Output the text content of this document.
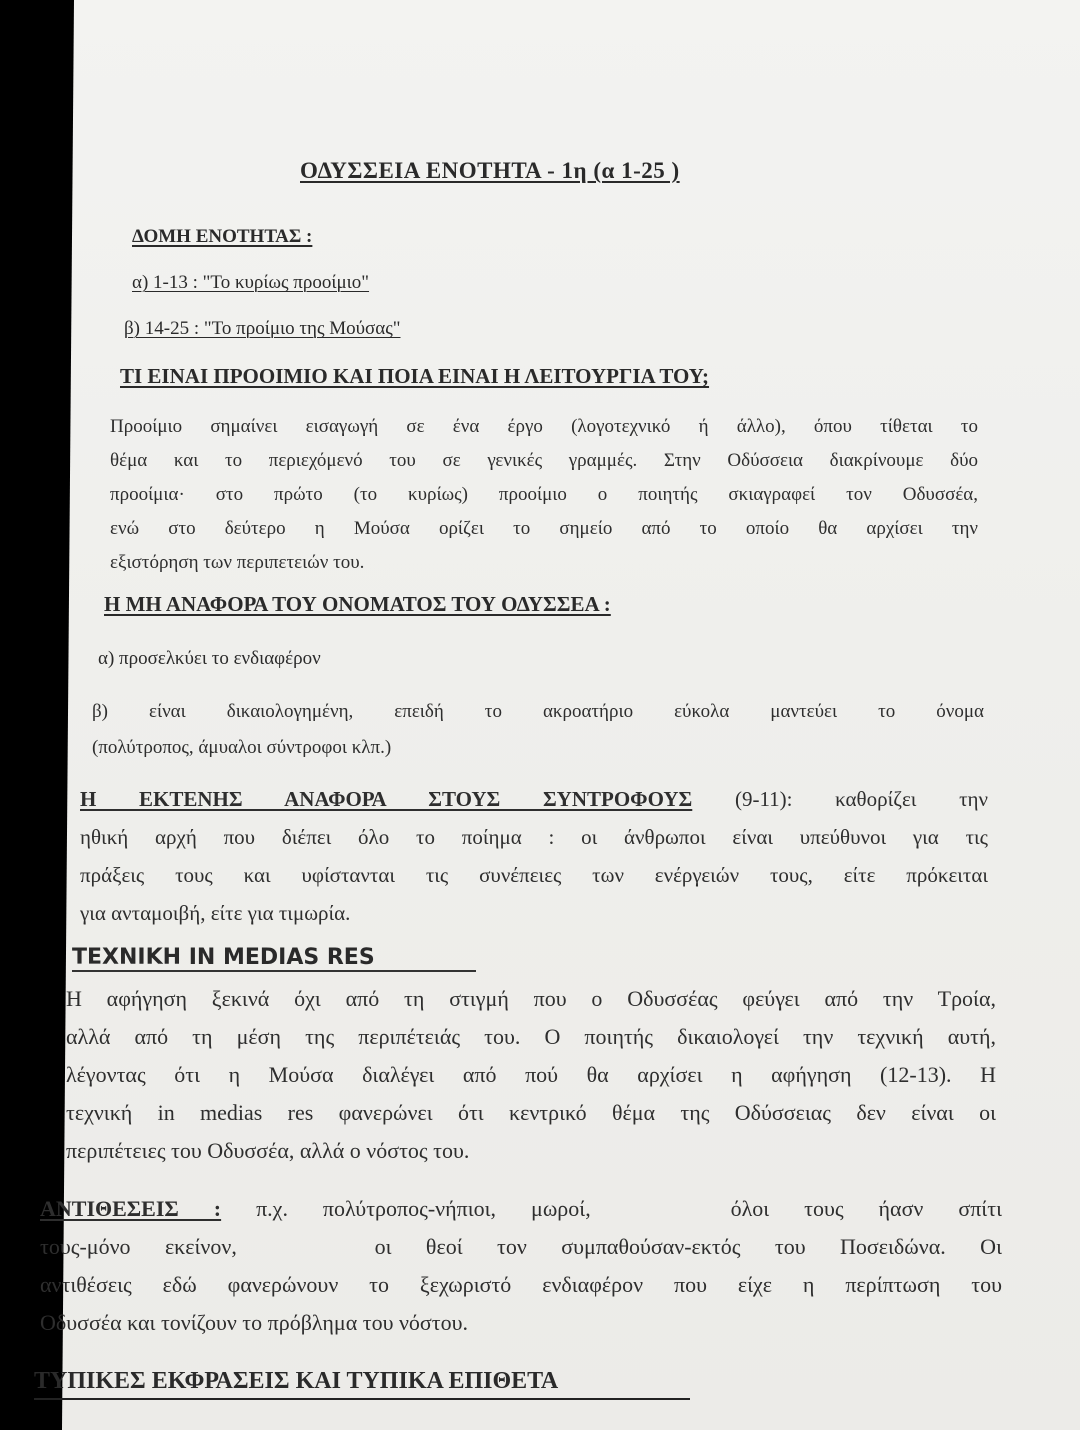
ΟΔΥΣΣΕΙΑ ΕΝΟΤΗΤΑ - 1η (α 1-25 )

ΔΟΜΗ ΕΝΟΤΗΤΑΣ :

α) 1-13 : "Το κυρίως προοίμιο"

β) 14-25 : "Το προίμιο της Μούσας"

ΤΙ ΕΙΝΑΙ ΠΡΟΟΙΜΙΟ ΚΑΙ ΠΟΙΑ ΕΙΝΑΙ Η ΛΕΙΤΟΥΡΓΙΑ ΤΟΥ;

Προοίμιο σημαίνει εισαγωγή σε ένα έργο (λογοτεχνικό ή άλλο), όπου τίθεται το
θέμα και το περιεχόμενό του σε γενικές γραμμές. Στην Οδύσσεια διακρίνουμε δύο
προοίμια· στο πρώτο (το κυρίως) προοίμιο ο ποιητής σκιαγραφεί τον Οδυσσέα,
ενώ στο δεύτερο η Μούσα ορίζει το σημείο από το οποίο θα αρχίσει την
εξιστόρηση των περιπετειών του.

Η ΜΗ ΑΝΑΦΟΡΑ ΤΟΥ ΟΝΟΜΑΤΟΣ ΤΟΥ ΟΔΥΣΣΕΑ :

α) προσελκύει το ενδιαφέρον

β) είναι δικαιολογημένη, επειδή το ακροατήριο εύκολα μαντεύει το όνομα
(πολύτροπος, άμυαλοι σύντροφοι κλπ.)
Η ΕΚΤΕΝΗΣ ΑΝΑΦΟΡΑ ΣΤΟΥΣ ΣΥΝΤΡΟΦΟΥΣ (9-11): καθορίζει την
ηθική αρχή που διέπει όλο το ποίημα : οι άνθρωποι είναι υπεύθυνοι για τις
πράξεις τους και υφίστανται τις συνέπειες των ενέργειών τους, είτε πρόκειται
για ανταμοιβή, είτε για τιμωρία.

ΤΕΧΝΙΚΗ IN MEDIAS RES

Η αφήγηση ξεκινά όχι από τη στιγμή που ο Οδυσσέας φεύγει από την Τροία,
αλλά από τη μέση της περιπέτειάς του. Ο ποιητής δικαιολογεί την τεχνική αυτή,
λέγοντας ότι η Μούσα διαλέγει από πού θα αρχίσει η αφήγηση (12-13). Η
τεχνική in medias res φανερώνει ότι κεντρικό θέμα της Οδύσσειας δεν είναι οι
περιπέτειες του Οδυσσέα, αλλά ο νόστος του.
ΑΝΤΙΘΕΣΕΙΣ : π.χ. πολύτροπος-νήπιοι, μωροί,    όλοι τους ήασν σπίτι
τους-μόνο εκείνον,    οι θεοί τον συμπαθούσαν-εκτός του Ποσειδώνα. Οι
αντιθέσεις εδώ φανερώνουν το ξεχωριστό ενδιαφέρον που είχε η περίπτωση του
Οδυσσέα και τονίζουν το πρόβλημα του νόστου.

ΤΥΠΙΚΕΣ ΕΚΦΡΑΣΕΙΣ ΚΑΙ ΤΥΠΙΚΑ ΕΠΙΘΕΤΑ
